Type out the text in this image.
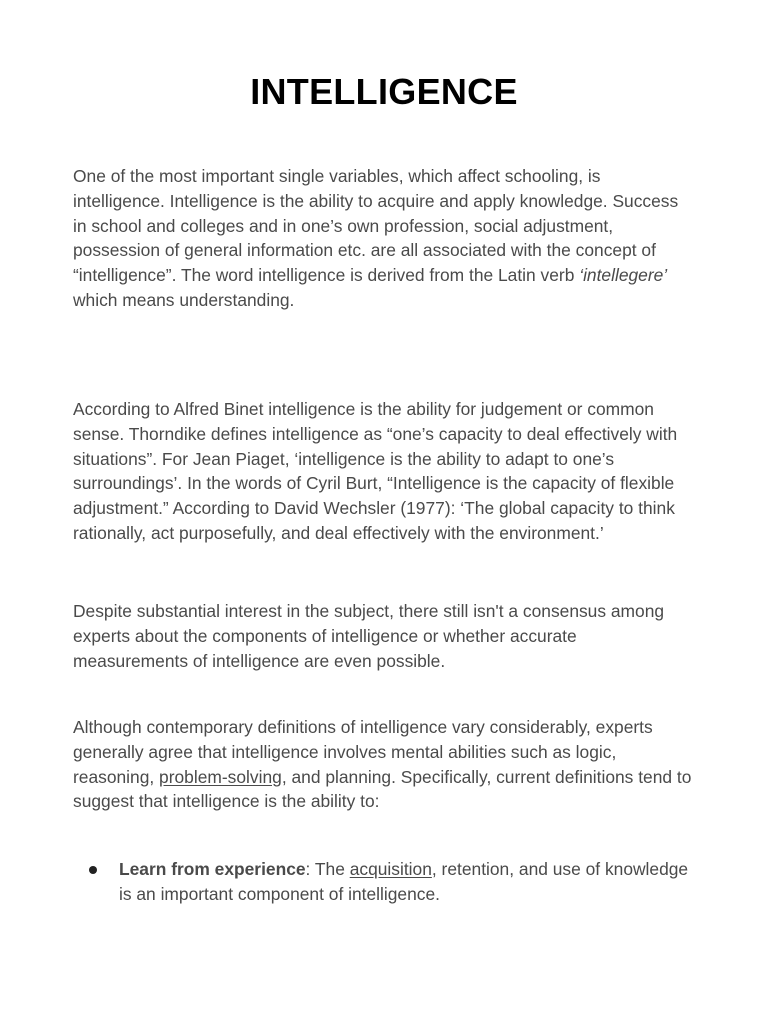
INTELLIGENCE

One of the most important single variables, which affect schooling, is intelligence. Intelligence is the ability to acquire and apply knowledge. Success in school and colleges and in one’s own profession, social adjustment, possession of general information etc. are all associated with the concept of “intelligence”. The word intelligence is derived from the Latin verb ‘intellegere’ which means understanding.

According to Alfred Binet intelligence is the ability for judgement or common sense. Thorndike defines intelligence as “one’s capacity to deal effectively with situations”. For Jean Piaget, ‘intelligence is the ability to adapt to one’s surroundings’. In the words of Cyril Burt, “Intelligence is the capacity of flexible adjustment.” According to David Wechsler (1977): ‘The global capacity to think rationally, act purposefully, and deal effectively with the environment.’

Despite substantial interest in the subject, there still isn't a consensus among experts about the components of intelligence or whether accurate measurements of intelligence are even possible.

Although contemporary definitions of intelligence vary considerably, experts generally agree that intelligence involves mental abilities such as logic, reasoning, problem-solving, and planning. Specifically, current definitions tend to suggest that intelligence is the ability to:

Learn from experience: The acquisition, retention, and use of knowledge is an important component of intelligence.
